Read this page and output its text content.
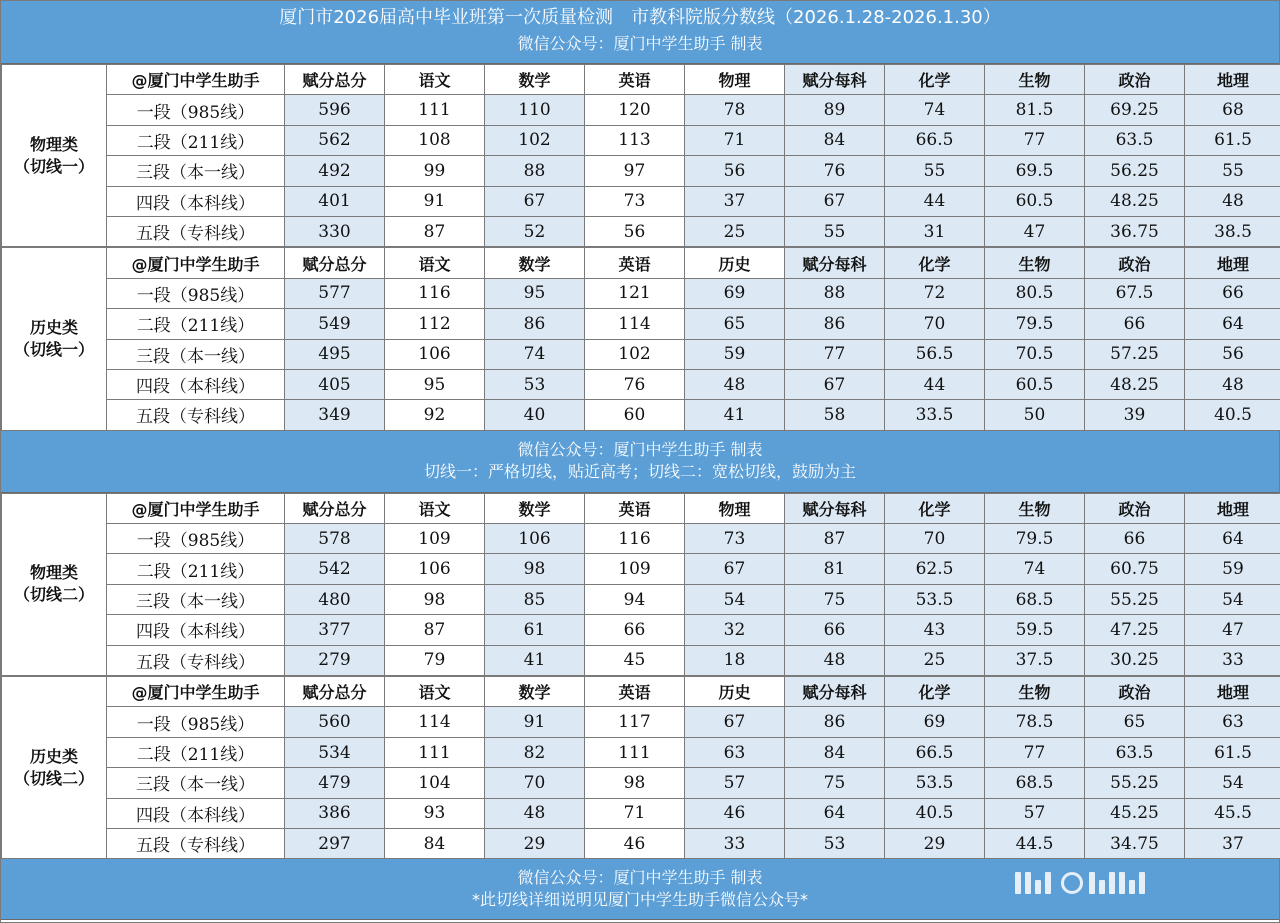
厦门市2026届高中毕业班第一次质量检测　市教科院版分数线（2026.1.28-2026.1.30）
微信公众号：厦门中学生助手 制表
物理类
（切线一）	@厦门中学生助手	赋分总分	语文	数学	英语	物理	赋分每科	化学	生物	政治	地理
	一段（985线）	596	111	110	120	78	89	74	81.5	69.25	68
	二段（211线）	562	108	102	113	71	84	66.5	77	63.5	61.5
	三段（本一线）	492	99	88	97	56	76	55	69.5	56.25	55
	四段（本科线）	401	91	67	73	37	67	44	60.5	48.25	48
	五段（专科线）	330	87	52	56	25	55	31	47	36.75	38.5
历史类
（切线一）	@厦门中学生助手	赋分总分	语文	数学	英语	历史	赋分每科	化学	生物	政治	地理
	一段（985线）	577	116	95	121	69	88	72	80.5	67.5	66
	二段（211线）	549	112	86	114	65	86	70	79.5	66	64
	三段（本一线）	495	106	74	102	59	77	56.5	70.5	57.25	56
	四段（本科线）	405	95	53	76	48	67	44	60.5	48.25	48
	五段（专科线）	349	92	40	60	41	58	33.5	50	39	40.5
微信公众号：厦门中学生助手 制表
切线一：严格切线，贴近高考；切线二：宽松切线，鼓励为主
物理类
（切线二）	@厦门中学生助手	赋分总分	语文	数学	英语	物理	赋分每科	化学	生物	政治	地理
	一段（985线）	578	109	106	116	73	87	70	79.5	66	64
	二段（211线）	542	106	98	109	67	81	62.5	74	60.75	59
	三段（本一线）	480	98	85	94	54	75	53.5	68.5	55.25	54
	四段（本科线）	377	87	61	66	32	66	43	59.5	47.25	47
	五段（专科线）	279	79	41	45	18	48	25	37.5	30.25	33
历史类
（切线二）	@厦门中学生助手	赋分总分	语文	数学	英语	历史	赋分每科	化学	生物	政治	地理
	一段（985线）	560	114	91	117	67	86	69	78.5	65	63
	二段（211线）	534	111	82	111	63	84	66.5	77	63.5	61.5
	三段（本一线）	479	104	70	98	57	75	53.5	68.5	55.25	54
	四段（本科线）	386	93	48	71	46	64	40.5	57	45.25	45.5
	五段（专科线）	297	84	29	46	33	53	29	44.5	34.75	37
微信公众号：厦门中学生助手 制表
*此切线详细说明见厦门中学生助手微信公众号*
